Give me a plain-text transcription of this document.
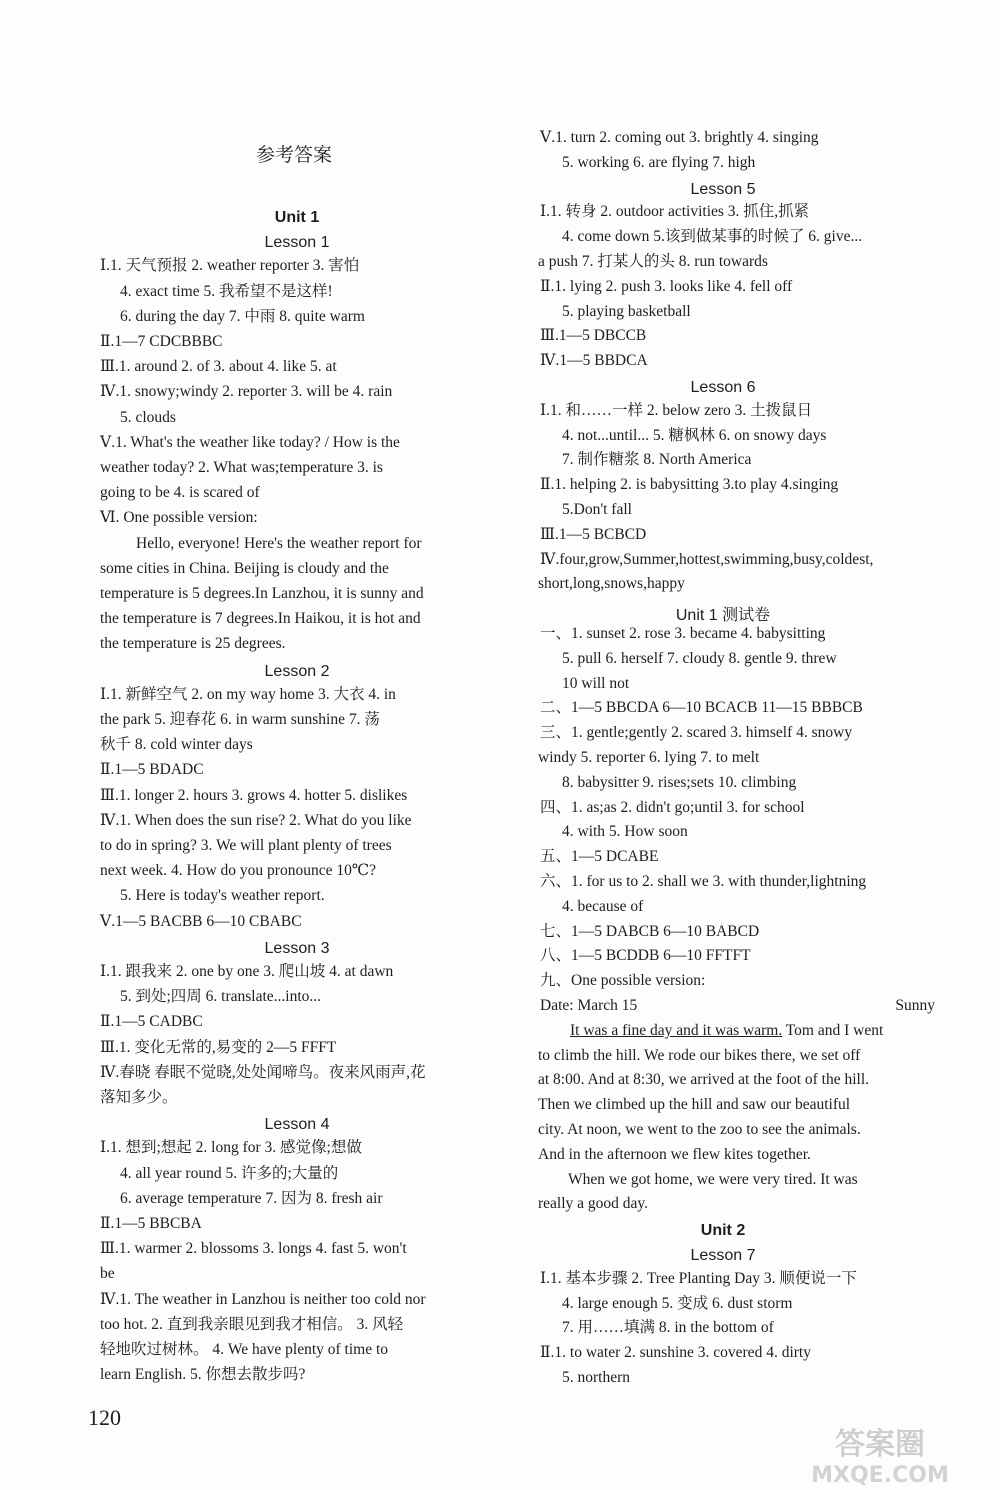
参考答案
Unit 1
Lesson 1
Ⅰ.1. 天气预报 2. weather reporter 3. 害怕
4. exact time 5. 我希望不是这样!
6. during the day 7. 中雨 8. quite warm
Ⅱ.1—7 CDCBBBC
Ⅲ.1. around 2. of 3. about 4. like 5. at
Ⅳ.1. snowy;windy 2. reporter 3. will be 4. rain
5. clouds
Ⅴ.1. What's the weather like today? / How is the
weather today? 2. What was;temperature 3. is
going to be 4. is scared of
Ⅵ. One possible version:
Hello, everyone! Here's the weather report for
some cities in China. Beijing is cloudy and the
temperature is 5 degrees.In Lanzhou, it is sunny and
the temperature is 7 degrees.In Haikou, it is hot and
the temperature is 25 degrees.
Lesson 2
Ⅰ.1. 新鲜空气 2. on my way home 3. 大衣 4. in
the park 5. 迎春花 6. in warm sunshine 7. 荡
秋千 8. cold winter days
Ⅱ.1—5 BDADC
Ⅲ.1. longer 2. hours 3. grows 4. hotter 5. dislikes
Ⅳ.1. When does the sun rise? 2. What do you like
to do in spring? 3. We will plant plenty of trees
next week. 4. How do you pronounce 10℃?
5. Here is today's weather report.
Ⅴ.1—5 BACBB 6—10 CBABC
Lesson 3
Ⅰ.1. 跟我来 2. one by one 3. 爬山坡 4. at dawn
5. 到处;四周 6. translate...into...
Ⅱ.1—5 CADBC
Ⅲ.1. 变化无常的,易变的 2—5 FFFT
Ⅳ.春晓 春眠不觉晓,处处闻啼鸟。夜来风雨声,花
落知多少。
Lesson 4
Ⅰ.1. 想到;想起 2. long for 3. 感觉像;想做
4. all year round 5. 许多的;大量的
6. average temperature 7. 因为 8. fresh air
Ⅱ.1—5 BBCBA
Ⅲ.1. warmer 2. blossoms 3. longs 4. fast 5. won't
be
Ⅳ.1. The weather in Lanzhou is neither too cold nor
too hot. 2. 直到我亲眼见到我才相信。 3. 风轻
轻地吹过树林。 4. We have plenty of time to
learn English. 5. 你想去散步吗?
Ⅴ.1. turn 2. coming out 3. brightly 4. singing
5. working 6. are flying 7. high
Lesson 5
Ⅰ.1. 转身 2. outdoor activities 3. 抓住,抓紧
4. come down 5.该到做某事的时候了 6. give...
a push 7. 打某人的头 8. run towards
Ⅱ.1. lying 2. push 3. looks like 4. fell off
5. playing basketball
Ⅲ.1—5 DBCCB
Ⅳ.1—5 BBDCA
Lesson 6
Ⅰ.1. 和……一样 2. below zero 3. 土拨鼠日
4. not...until... 5. 糖枫林 6. on snowy days
7. 制作糖浆 8. North America
Ⅱ.1. helping 2. is babysitting 3.to play 4.singing
5.Don't fall
Ⅲ.1—5 BCBCD
Ⅳ.four,grow,Summer,hottest,swimming,busy,coldest,
short,long,snows,happy
Unit 1 测试卷
一、1. sunset 2. rose 3. became 4. babysitting
5. pull 6. herself 7. cloudy 8. gentle 9. threw
10 will not
二、1—5 BBCDA 6—10 BCACB 11—15 BBBCB
三、1. gentle;gently 2. scared 3. himself 4. snowy
windy 5. reporter 6. lying 7. to melt
8. babysitter 9. rises;sets 10. climbing
四、1. as;as 2. didn't go;until 3. for school
4. with 5. How soon
五、1—5 DCABE
六、1. for us to 2. shall we 3. with thunder,lightning
4. because of
七、1—5 DABCB 6—10 BABCD
八、1—5 BCDDB 6—10 FFTFT
九、One possible version:
Date: March 15	Sunny
It was a fine day and it was warm. Tom and I went
to climb the hill. We rode our bikes there, we set off
at 8:00. And at 8:30, we arrived at the foot of the hill.
Then we climbed up the hill and saw our beautiful
city. At noon, we went to the zoo to see the animals.
And in the afternoon we flew kites together.
When we got home, we were very tired. It was
really a good day.
Unit 2
Lesson 7
Ⅰ.1. 基本步骤 2. Tree Planting Day 3. 顺便说一下
4. large enough 5. 变成 6. dust storm
7. 用……填满 8. in the bottom of
Ⅱ.1. to water 2. sunshine 3. covered 4. dirty
5. northern
120
答案圈
MXQE.COM
